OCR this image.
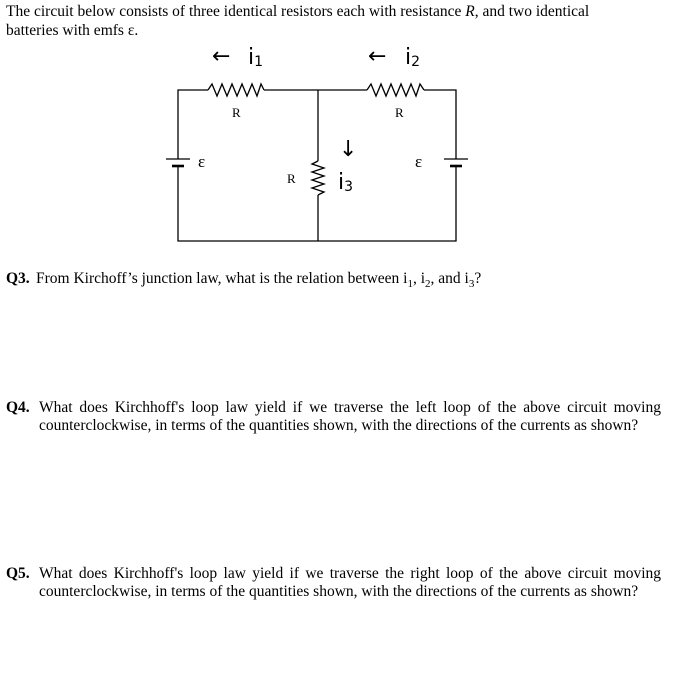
The circuit below consists of three identical resistors each with resistance R, and two identical batteries with emfs ε.
← i1	← i2
↓
i3
R	R
R
ε	ε
Q3. From Kirchoff’s junction law, what is the relation between $i_1$, $i_2$, and $i_3$?
Q4. What does Kirchhoff's loop law yield if we traverse the left loop of the above circuit moving counterclockwise, in terms of the quantities shown, with the directions of the currents as shown?
Q5. What does Kirchhoff's loop law yield if we traverse the right loop of the above circuit moving counterclockwise, in terms of the quantities shown, with the directions of the currents as shown?
